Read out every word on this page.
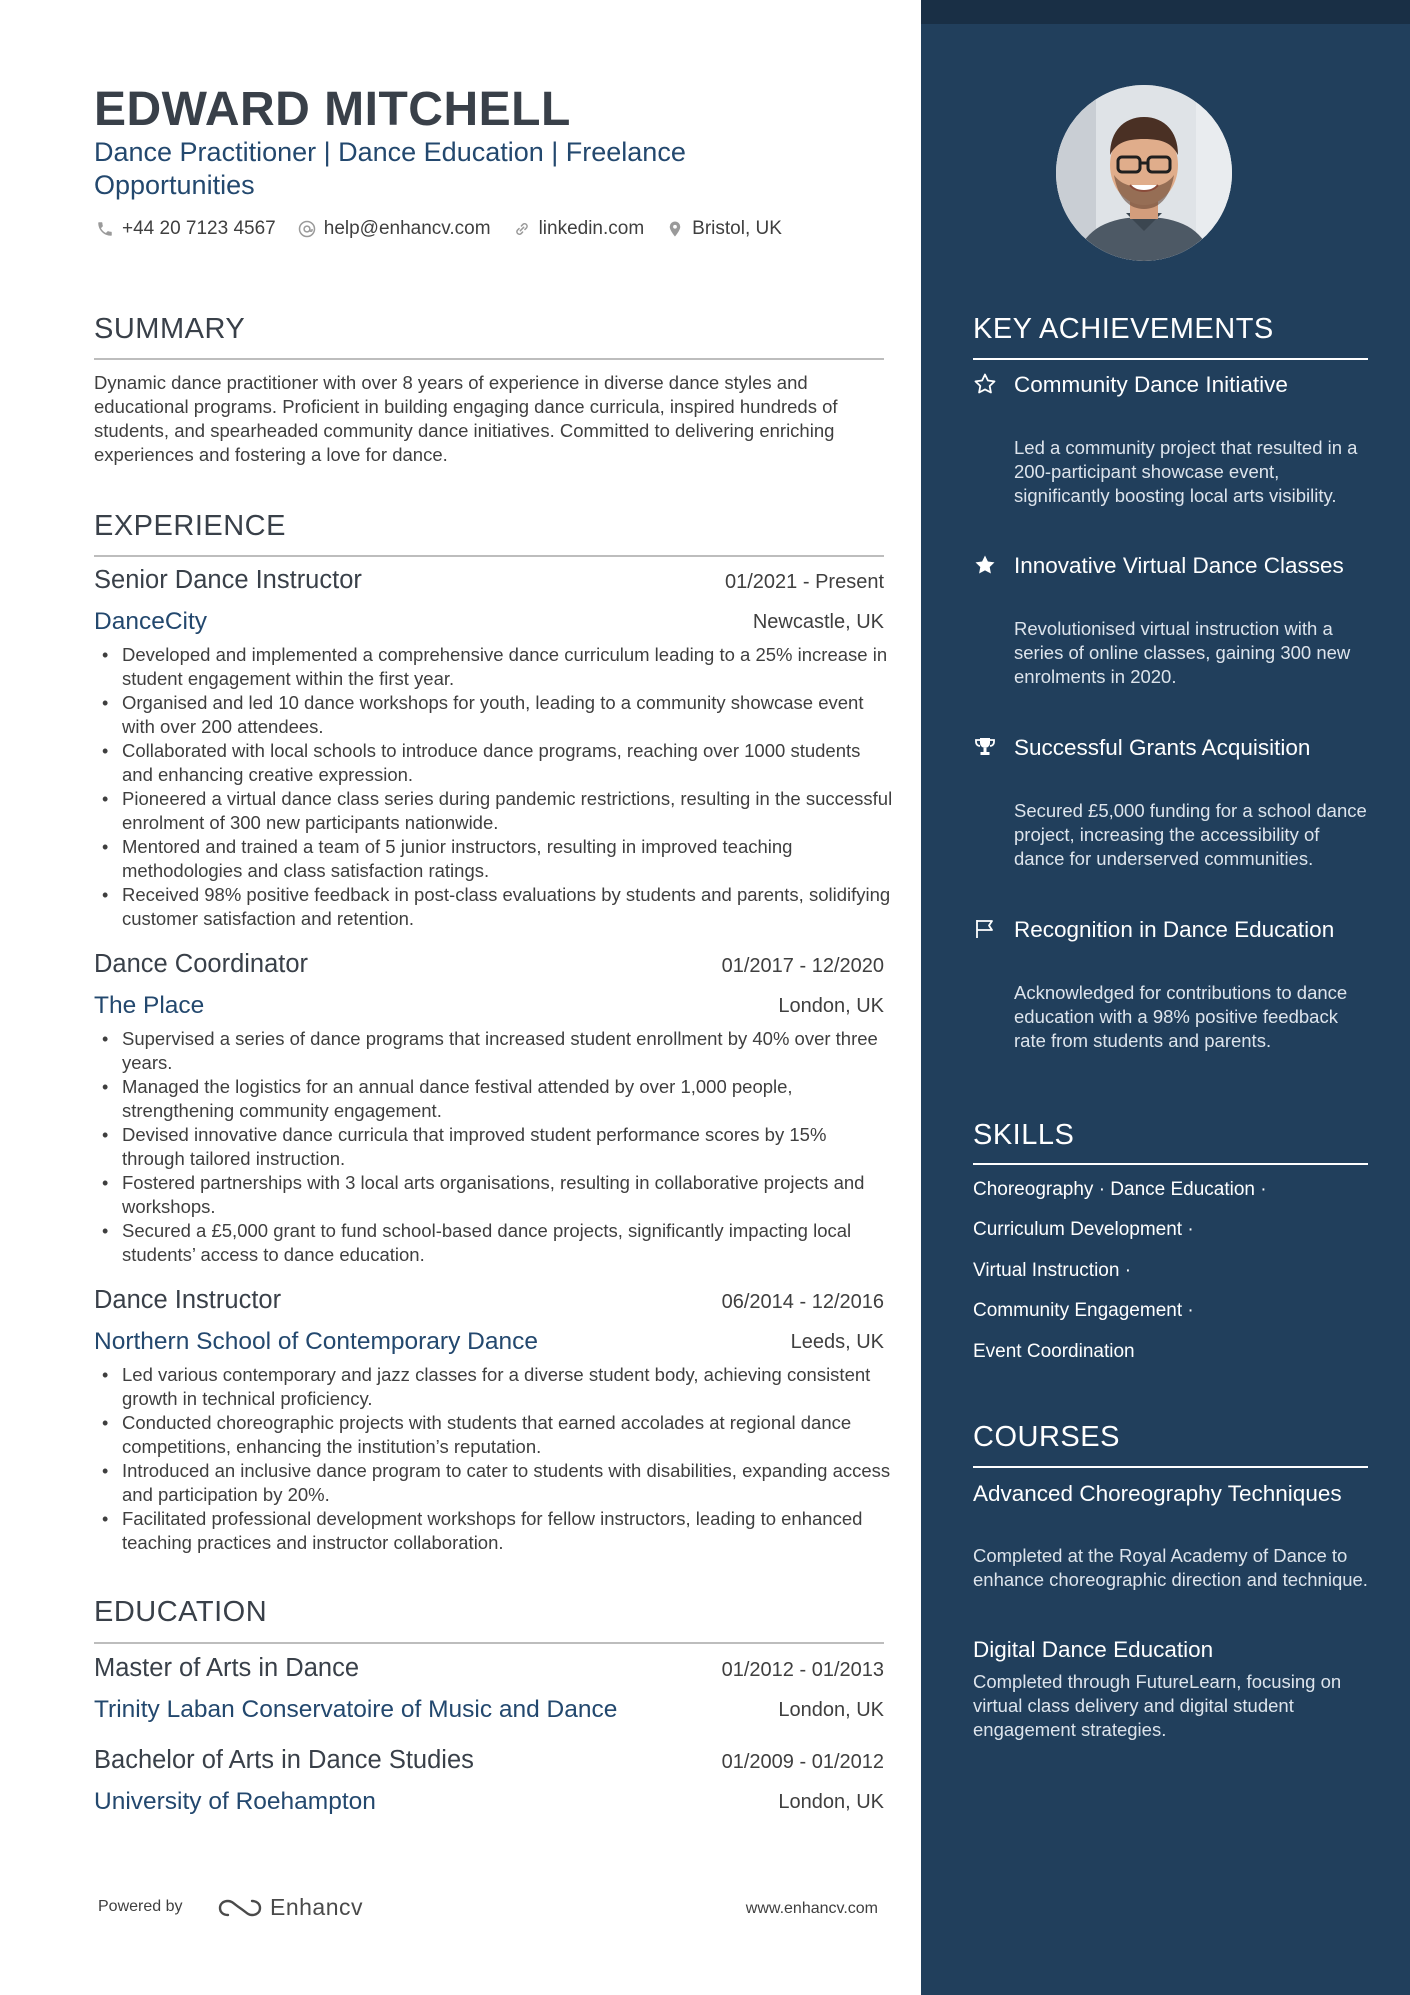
EDWARD MITCHELL
Dance Practitioner | Dance Education | Freelance Opportunities
+44 20 7123 4567	help@enhancv.com	linkedin.com	Bristol, UK
SUMMARY
Dynamic dance practitioner with over 8 years of experience in diverse dance styles and educational programs. Proficient in building engaging dance curricula, inspired hundreds of students, and spearheaded community dance initiatives. Committed to delivering enriching experiences and fostering a love for dance.
EXPERIENCE
Senior Dance Instructor	01/2021 - Present
DanceCity	Newcastle, UK
• Developed and implemented a comprehensive dance curriculum leading to a 25% increase in student engagement within the first year.
• Organised and led 10 dance workshops for youth, leading to a community showcase event with over 200 attendees.
• Collaborated with local schools to introduce dance programs, reaching over 1000 students and enhancing creative expression.
• Pioneered a virtual dance class series during pandemic restrictions, resulting in the successful enrolment of 300 new participants nationwide.
• Mentored and trained a team of 5 junior instructors, resulting in improved teaching methodologies and class satisfaction ratings.
• Received 98% positive feedback in post-class evaluations by students and parents, solidifying customer satisfaction and retention.
Dance Coordinator	01/2017 - 12/2020
The Place	London, UK
• Supervised a series of dance programs that increased student enrollment by 40% over three years.
• Managed the logistics for an annual dance festival attended by over 1,000 people, strengthening community engagement.
• Devised innovative dance curricula that improved student performance scores by 15% through tailored instruction.
• Fostered partnerships with 3 local arts organisations, resulting in collaborative projects and workshops.
• Secured a £5,000 grant to fund school-based dance projects, significantly impacting local students’ access to dance education.
Dance Instructor	06/2014 - 12/2016
Northern School of Contemporary Dance	Leeds, UK
• Led various contemporary and jazz classes for a diverse student body, achieving consistent growth in technical proficiency.
• Conducted choreographic projects with students that earned accolades at regional dance competitions, enhancing the institution’s reputation.
• Introduced an inclusive dance program to cater to students with disabilities, expanding access and participation by 20%.
• Facilitated professional development workshops for fellow instructors, leading to enhanced teaching practices and instructor collaboration.
EDUCATION
Master of Arts in Dance	01/2012 - 01/2013
Trinity Laban Conservatoire of Music and Dance	London, UK
Bachelor of Arts in Dance Studies	01/2009 - 01/2012
University of Roehampton	London, UK
Powered by	Enhancv	www.enhancv.com
KEY ACHIEVEMENTS
Community Dance Initiative
Led a community project that resulted in a 200-participant showcase event, significantly boosting local arts visibility.
Innovative Virtual Dance Classes
Revolutionised virtual instruction with a series of online classes, gaining 300 new enrolments in 2020.
Successful Grants Acquisition
Secured £5,000 funding for a school dance project, increasing the accessibility of dance for underserved communities.
Recognition in Dance Education
Acknowledged for contributions to dance education with a 98% positive feedback rate from students and parents.
SKILLS
Choreography · Dance Education ·
Curriculum Development ·
Virtual Instruction ·
Community Engagement ·
Event Coordination
COURSES
Advanced Choreography Techniques
Completed at the Royal Academy of Dance to enhance choreographic direction and technique.
Digital Dance Education
Completed through FutureLearn, focusing on virtual class delivery and digital student engagement strategies.
